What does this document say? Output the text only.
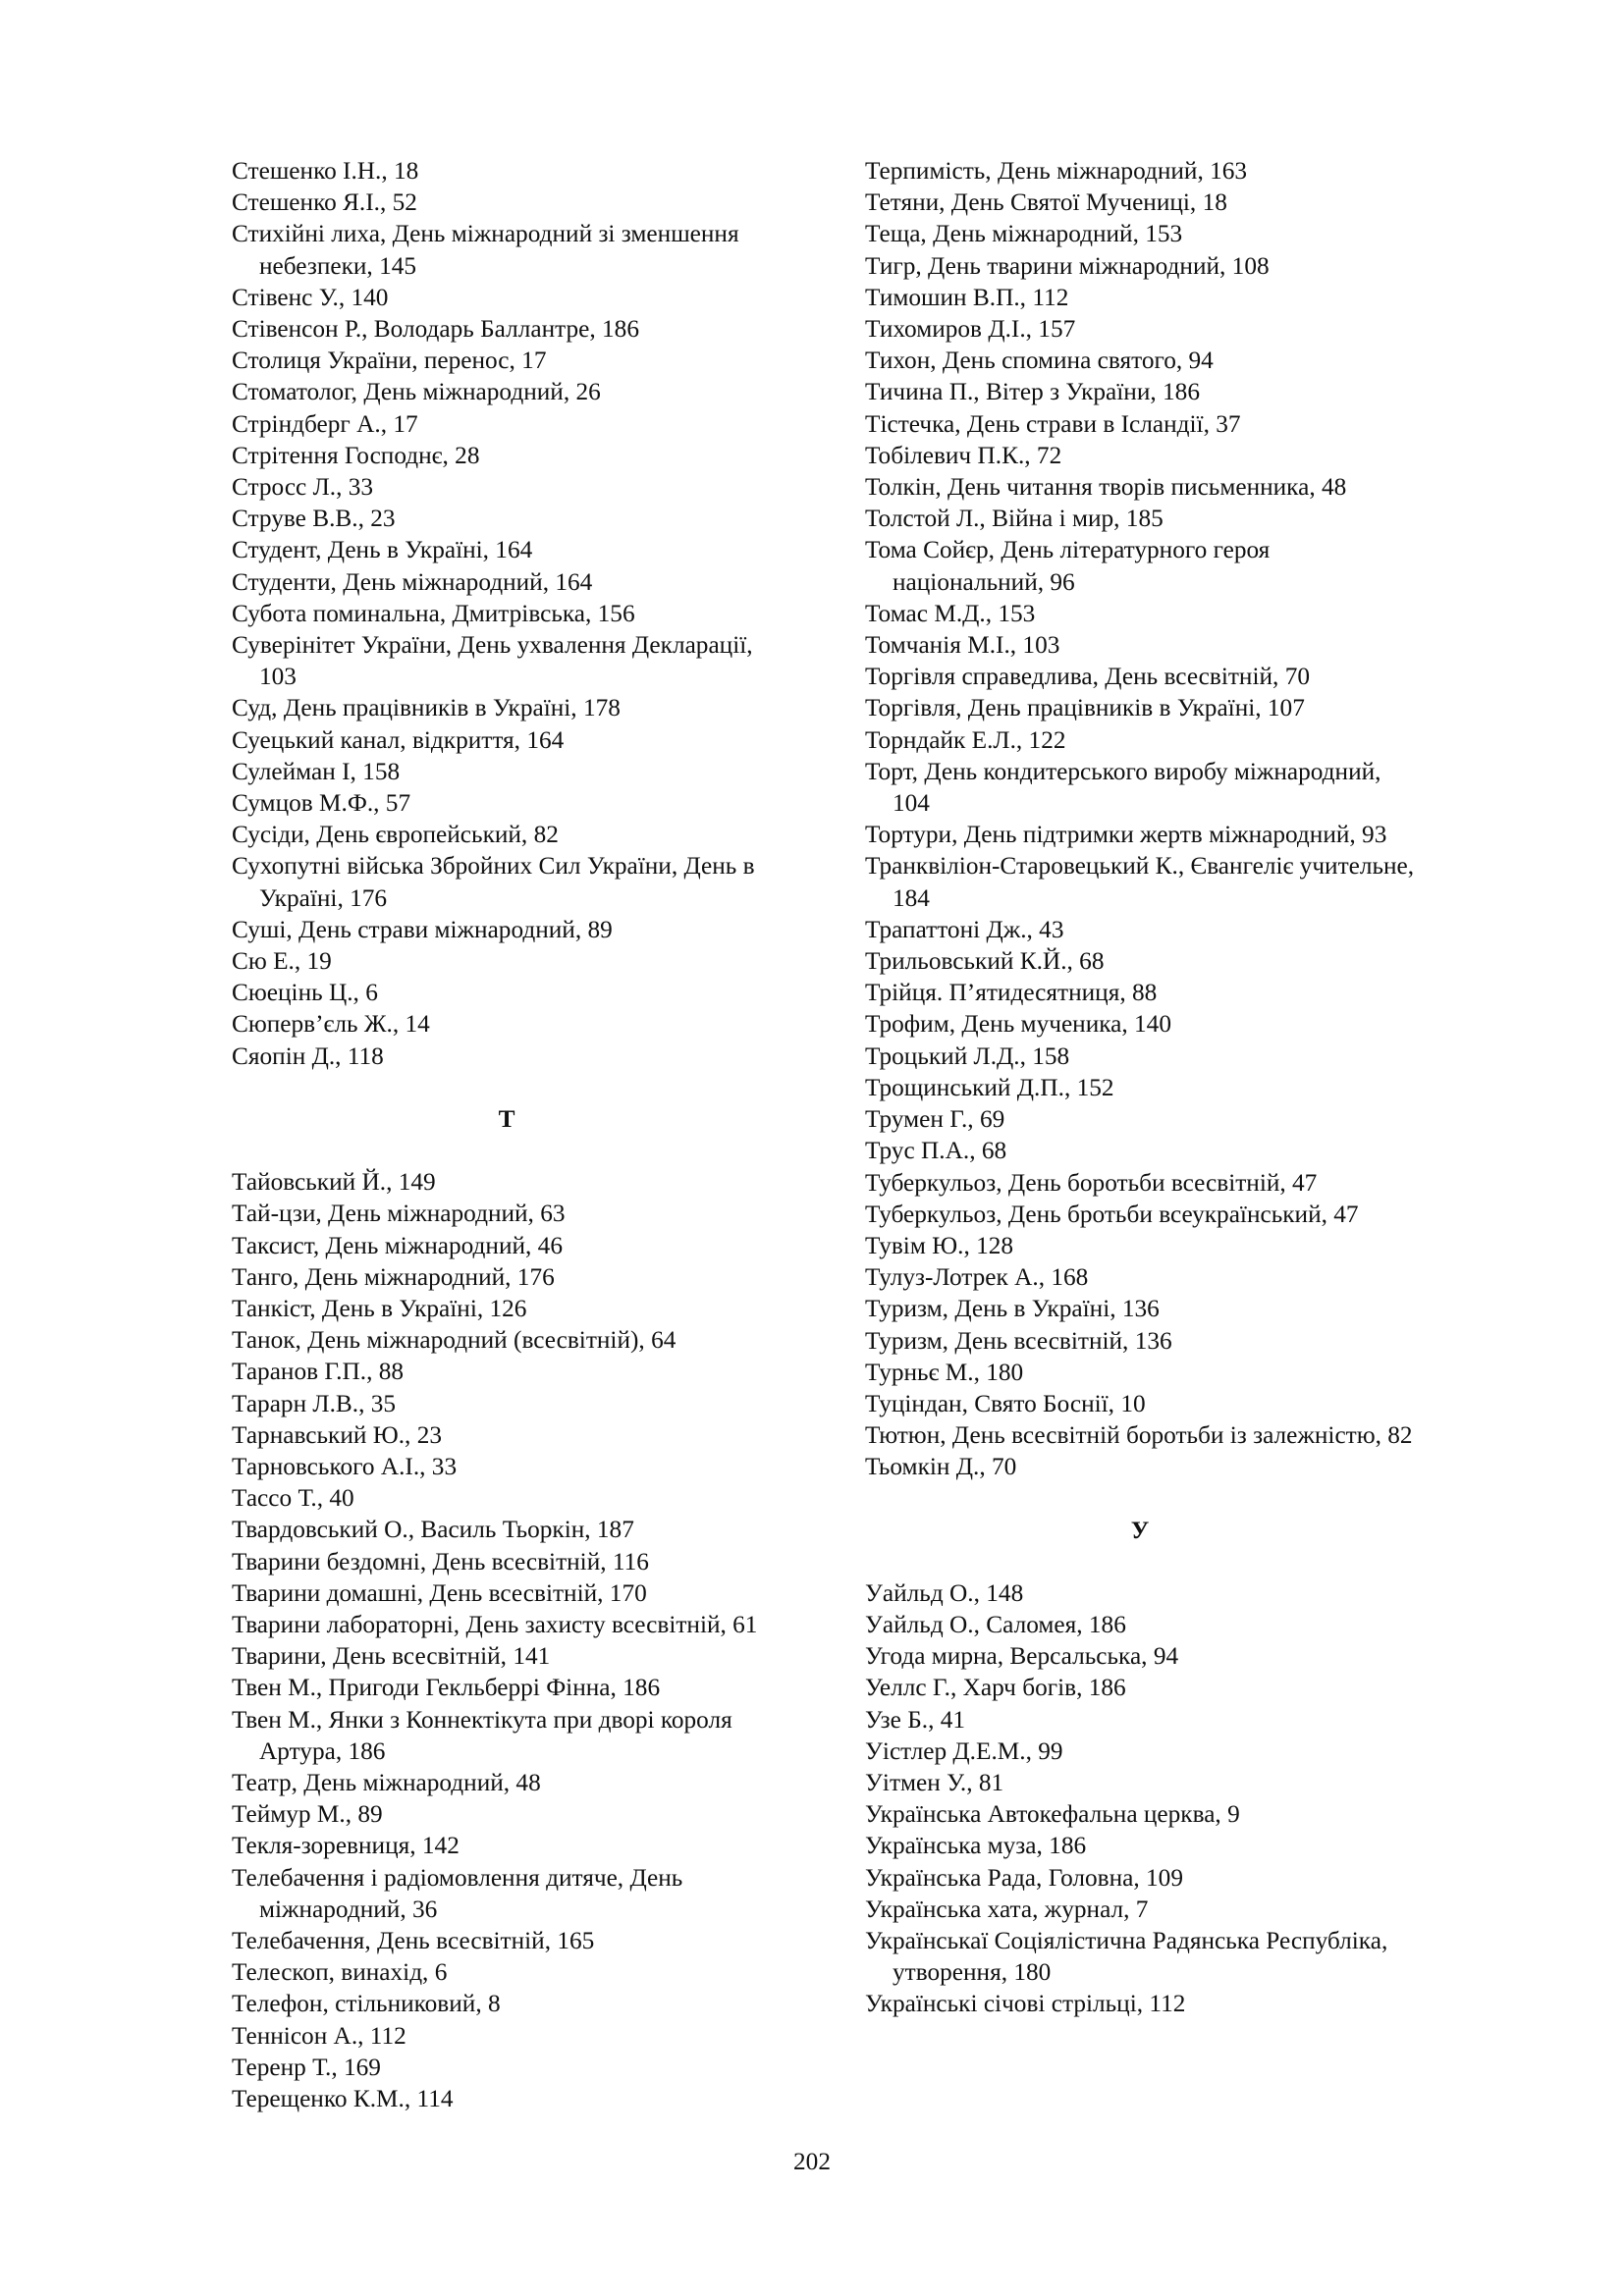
Стешенко І.Н., 18
Стешенко Я.І., 52
Стихійні лиха, День міжнародний зі зменшення небезпеки, 145
Стівенс У., 140
Стівенсон Р., Володарь Баллантре, 186
Столиця України, перенос, 17
Стоматолог, День міжнародний, 26
Стріндберг А., 17
Стрітення Господнє, 28
Стросс Л., 33
Струве В.В., 23
Студент, День в Україні, 164
Студенти, День міжнародний, 164
Субота поминальна, Дмитрівська, 156
Суверінітет України, День ухвалення Декларації, 103
Суд, День працівників в Україні, 178
Суецький канал, відкриття, 164
Сулейман І, 158
Сумцов М.Ф., 57
Сусіди, День європейський, 82
Сухопутні війська Збройних Сил України, День в Україні, 176
Суші, День страви міжнародний, 89
Сю Е., 19
Сюецінь Ц., 6
Сюперв’єль Ж., 14
Сяопін Д., 118
Т
Тайовський Й., 149
Тай-цзи, День міжнародний, 63
Таксист, День міжнародний, 46
Танго, День міжнародний, 176
Танкіст, День в Україні, 126
Танок, День міжнародний (всесвітній), 64
Таранов Г.П., 88
Тарарн Л.В., 35
Тарнавський Ю., 23
Тарновського А.І., 33
Тассо Т., 40
Твардовський О., Василь Тьоркін, 187
Тварини бездомні, День всесвітній, 116
Тварини домашні, День всесвітній, 170
Тварини лабораторні, День захисту всесвітній, 61
Тварини, День всесвітній, 141
Твен М., Пригоди Гекльберрі Фінна, 186
Твен М., Янки з Коннектікута при дворі короля Артура, 186
Театр, День міжнародний, 48
Теймур М., 89
Текля-зоревниця, 142
Телебачення і радіомовлення дитяче, День міжнародний, 36
Телебачення, День всесвітній, 165
Телескоп, винахід, 6
Телефон, стільниковий, 8
Теннісон А., 112
Теренр Т., 169
Терещенко К.М., 114
Терпимість, День міжнародний, 163
Тетяни, День Святої Мучениці, 18
Теща, День міжнародний, 153
Тигр, День тварини міжнародний, 108
Тимошин В.П., 112
Тихомиров Д.І., 157
Тихон, День спомина святого, 94
Тичина П., Вітер з України, 186
Тістечка, День страви в Ісландії, 37
Тобілевич П.К., 72
Толкін, День читання творів письменника, 48
Толстой Л., Війна і мир, 185
Тома Сойєр, День літературного героя національний, 96
Томас М.Д., 153
Томчанія М.І., 103
Торгівля справедлива, День всесвітній, 70
Торгівля, День працівників в Україні, 107
Торндайк Е.Л., 122
Торт, День кондитерського виробу міжнародний, 104
Тортури, День підтримки жертв міжнародний, 93
Транквіліон-Старовецький К., Євангеліє учительне, 184
Трапаттоні Дж., 43
Трильовський К.Й., 68
Трійця. П’ятидесятниця, 88
Трофим, День мученика, 140
Троцький Л.Д., 158
Трощинський Д.П., 152
Трумен Г., 69
Трус П.А., 68
Туберкульоз, День боротьби всесвітній, 47
Туберкульоз, День бротьби всеукраїнський, 47
Тувім Ю., 128
Тулуз-Лотрек А., 168
Туризм, День в Україні, 136
Туризм, День всесвітній, 136
Турньє М., 180
Туціндан, Свято Боснії, 10
Тютюн, День всесвітній боротьби із залежністю, 82
Тьомкін Д., 70
У
Уайльд О., 148
Уайльд О., Саломея, 186
Угода мирна, Версальська, 94
Уеллс Г., Харч богів, 186
Узе Б., 41
Уістлер Д.Е.М., 99
Уітмен У., 81
Українська Автокефальна церква, 9
Українська муза, 186
Українська Рада, Головна, 109
Українська хата, журнал, 7
Українськаї Соціялістична Радянська Республіка, утворення, 180
Українські січові стрільці, 112
202
